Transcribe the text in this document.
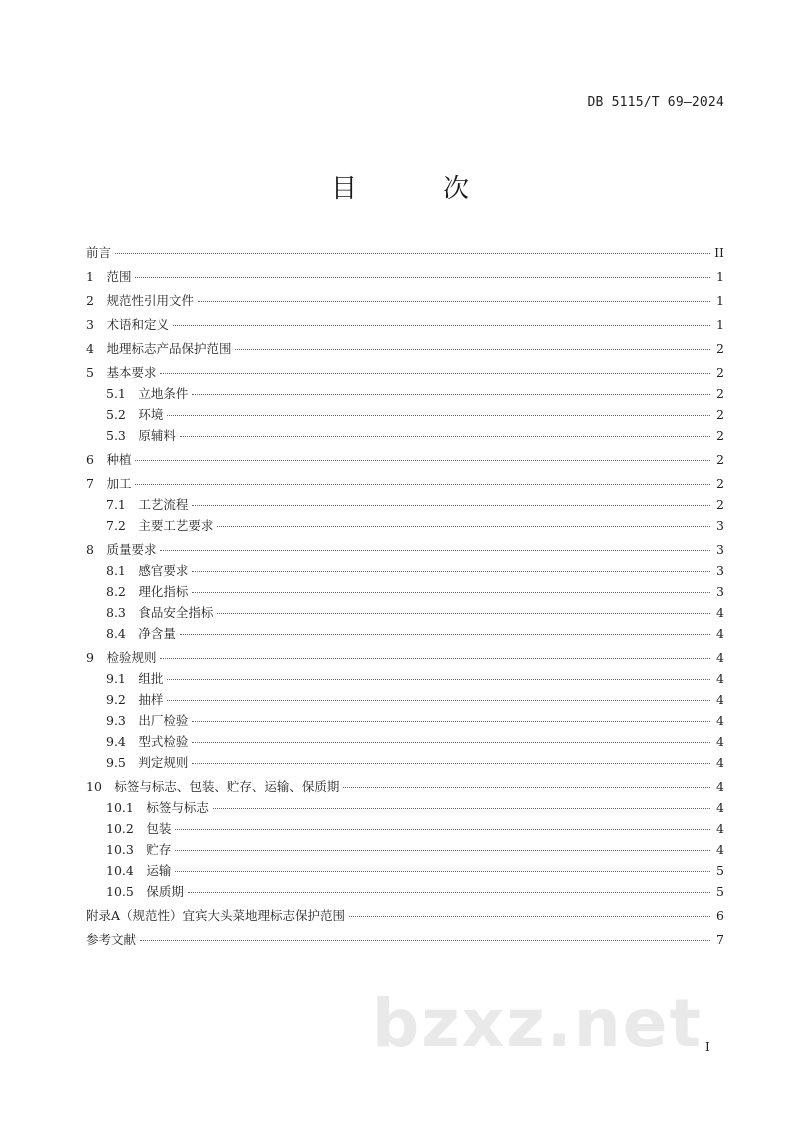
DB 5115/T 69—2024
目　次
前言	II
1　范围	1
2　规范性引用文件	1
3　术语和定义	1
4　地理标志产品保护范围	2
5　基本要求	2
5.1　立地条件	2
5.2　环境	2
5.3　原辅料	2
6　种植	2
7　加工	2
7.1　工艺流程	2
7.2　主要工艺要求	3
8　质量要求	3
8.1　感官要求	3
8.2　理化指标	3
8.3　食品安全指标	4
8.4　净含量	4
9　检验规则	4
9.1　组批	4
9.2　抽样	4
9.3　出厂检验	4
9.4　型式检验	4
9.5　判定规则	4
10　标签与标志、包装、贮存、运输、保质期	4
10.1　标签与标志	4
10.2　包装	4
10.3　贮存	4
10.4　运输	5
10.5　保质期	5
附录A（规范性）宜宾大头菜地理标志保护范围	6
参考文献	7
bzxz.net I
